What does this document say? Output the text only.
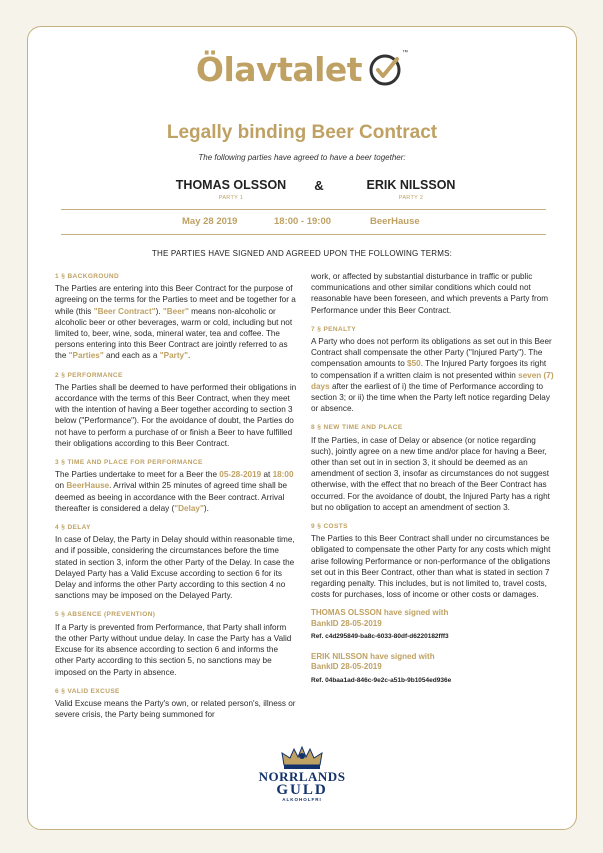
Ölavtalet	™
Legally binding Beer Contract
The following parties have agreed to have a beer together:
THOMAS OLSSON
PARTY 1
&	ERIK NILSSON
PARTY 2
May 28 2019	18:00 - 19:00	BeerHause
THE PARTIES HAVE SIGNED AND AGREED UPON THE FOLLOWING TERMS:
1 § BACKGROUND

The Parties are entering into this Beer Contract for the purpose of agreeing on the terms for the Parties to meet and be together for a while (this "Beer Contract"). "Beer" means non-alcoholic or alcoholic beer or other beverages, warm or cold, including but not limited to, beer, wine, soda, mineral water, tea and coffee. The persons entering into this Beer Contract are jointly referred to as the "Parties" and each as a "Party".

2 § PERFORMANCE

The Parties shall be deemed to have performed their obligations in accordance with the terms of this Beer Contract, when they meet with the intention of having a Beer together according to section 3 below ("Performance"). For the avoidance of doubt, the Parties do not have to perform a purchase of or finish a Beer to have fulfilled their obligations according to this Beer Contract.

3 § TIME AND PLACE FOR PERFORMANCE

The Parties undertake to meet for a Beer the 05-28-2019 at 18:00 on BeerHause. Arrival within 25 minutes of agreed time shall be deemed as beeing in accordance with the Beer contract. Arrival thereafter is considered a delay ("Delay").

4 § DELAY

In case of Delay, the Party in Delay should within reasonable time, and if possible, considering the circumstances before the time stated in section 3, inform the other Party of the Delay. In case the Delayed Party has a Valid Excuse according to section 6 for its Delay and informs the other Party according to this section 4 no sanctions may be imposed on the Delayed Party.

5 § ABSENCE (PREVENTION)

If a Party is prevented from Performance, that Party shall inform the other Party without undue delay. In case the Party has a Valid Excuse for its absence according to section 6 and informs the other Party according to this section 5, no sanctions may be imposed on the Party in absence.

6 § VALID EXCUSE

Valid Excuse means the Party's own, or related person's, illness or severe crisis, the Party being summoned for

work, or affected by substantial disturbance in traffic or public communications and other similar conditions which could not reasonable have been foreseen, and which prevents a Party from Performance under this Beer Contract.

7 § PENALTY

A Party who does not perform its obligations as set out in this Beer Contract shall compensate the other Party ("Injured Party"). The compensation amounts to $50. The Injured Party forgoes its right to compensation if a written claim is not presented within seven (7) days after the earliest of i) the time of Performance according to section 3; or ii) the time when the Party left notice regarding Delay or absence.

8 § NEW TIME AND PLACE

If the Parties, in case of Delay or absence (or notice regarding such), jointly agree on a new time and/or place for having a Beer, other than set out in in section 3, it should be deemed as an amendment of section 3, insofar as circumstances do not suggest otherwise, with the effect that no breach of the Beer Contract has occurred. For the avoidance of doubt, the Injured Party has a right but no obligation to accept an amendment of section 3.

9 § COSTS

The Parties to this Beer Contract shall under no circumstances be obligated to compensate the other Party for any costs which might arise following Performance or non-performance of the obligations set out in this Beer Contract, other than what is stated in section 7 regarding penalty. This includes, but is not limited to, travel costs, costs for purchases, loss of income or other costs or damages.

THOMAS OLSSON have signed with
BankID 28-05-2019
Ref. c4d295849-ba8c-6033-80df-d6220182fff3
ERIK NILSSON have signed with
BankID 28-05-2019
Ref. 04baa1ad-846c-9e2c-a51b-9b1054ed936e
NORRLANDS
GULD
ALKOHOLFRI
